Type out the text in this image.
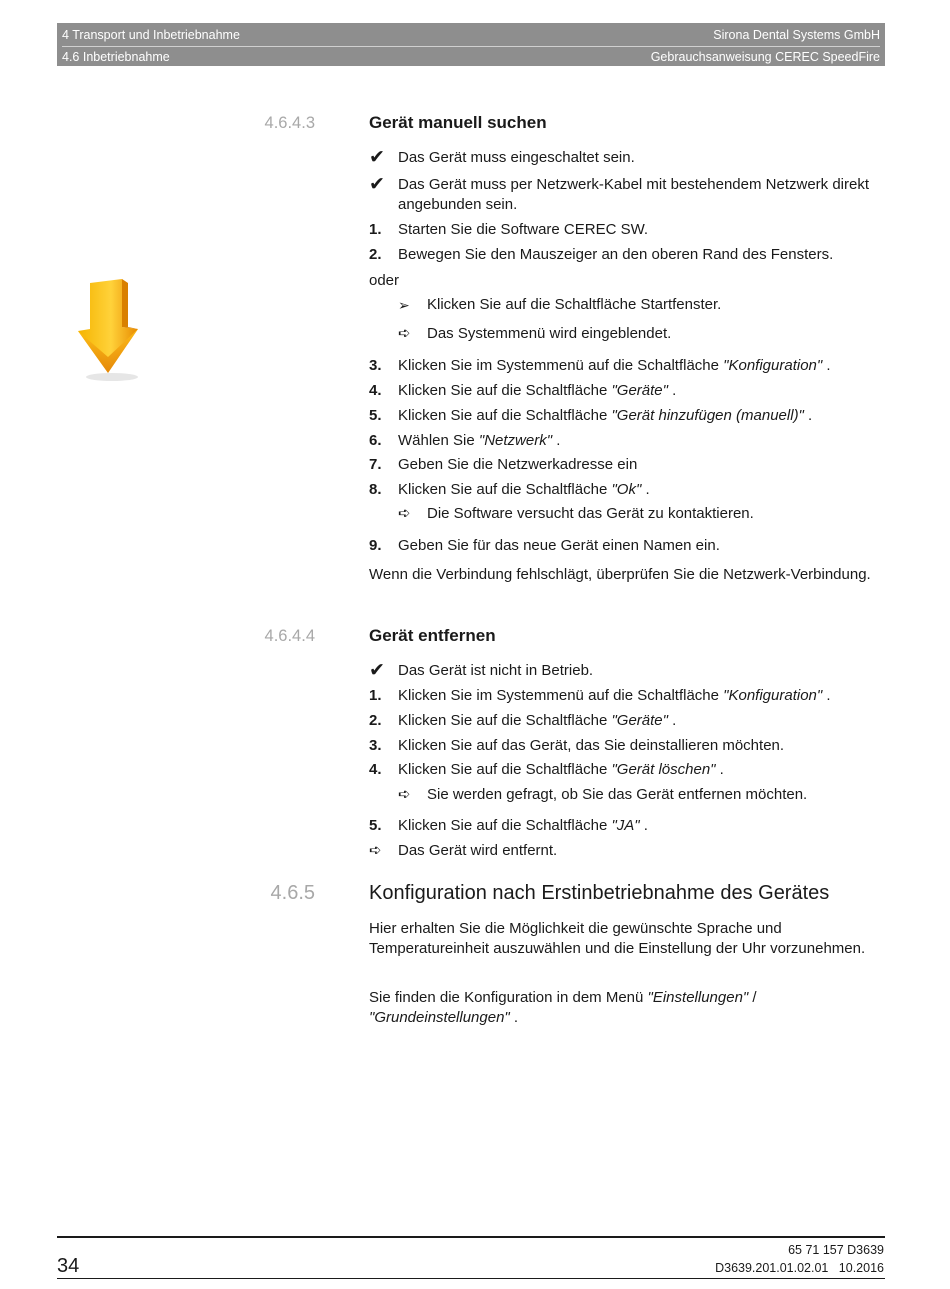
4 Transport und Inbetriebnahme	Sirona Dental Systems GmbH
4.6 Inbetriebnahme	Gebrauchsanweisung CEREC SpeedFire
4.6.4.3	Gerät manuell suchen
✔ Das Gerät muss eingeschaltet sein.
✔ Das Gerät muss per Netzwerk-Kabel mit bestehendem Netzwerk direkt angebunden sein.
1.	Starten Sie die Software CEREC SW.
2.	Bewegen Sie den Mauszeiger an den oberen Rand des Fensters.
oder
➢	Klicken Sie auf die Schaltfläche Startfenster.
➪	Das Systemmenü wird eingeblendet.
3.	Klicken Sie im Systemmenü auf die Schaltfläche "Konfiguration" .
4.	Klicken Sie auf die Schaltfläche "Geräte" .
5.	Klicken Sie auf die Schaltfläche "Gerät hinzufügen (manuell)" .
6.	Wählen Sie "Netzwerk" .
7.	Geben Sie die Netzwerkadresse ein
8.	Klicken Sie auf die Schaltfläche "Ok" .
➪	Die Software versucht das Gerät zu kontaktieren.
9.	Geben Sie für das neue Gerät einen Namen ein.
Wenn die Verbindung fehlschlägt, überprüfen Sie die Netzwerk-Verbindung.
4.6.4.4	Gerät entfernen
✔ Das Gerät ist nicht in Betrieb.
1.	Klicken Sie im Systemmenü auf die Schaltfläche "Konfiguration" .
2.	Klicken Sie auf die Schaltfläche "Geräte" .
3.	Klicken Sie auf das Gerät, das Sie deinstallieren möchten.
4.	Klicken Sie auf die Schaltfläche "Gerät löschen" .
➪	Sie werden gefragt, ob Sie das Gerät entfernen möchten.
5.	Klicken Sie auf die Schaltfläche "JA" .
➪	Das Gerät wird entfernt.
4.6.5	Konfiguration nach Erstinbetriebnahme des Gerätes
Hier erhalten Sie die Möglichkeit die gewünschte Sprache und Temperatureinheit auszuwählen und die Einstellung der Uhr vorzunehmen.
Sie finden die Konfiguration in dem Menü "Einstellungen" / "Grundeinstellungen" .
34
65 71 157 D3639
D3639.201.01.02.01   10.2016
